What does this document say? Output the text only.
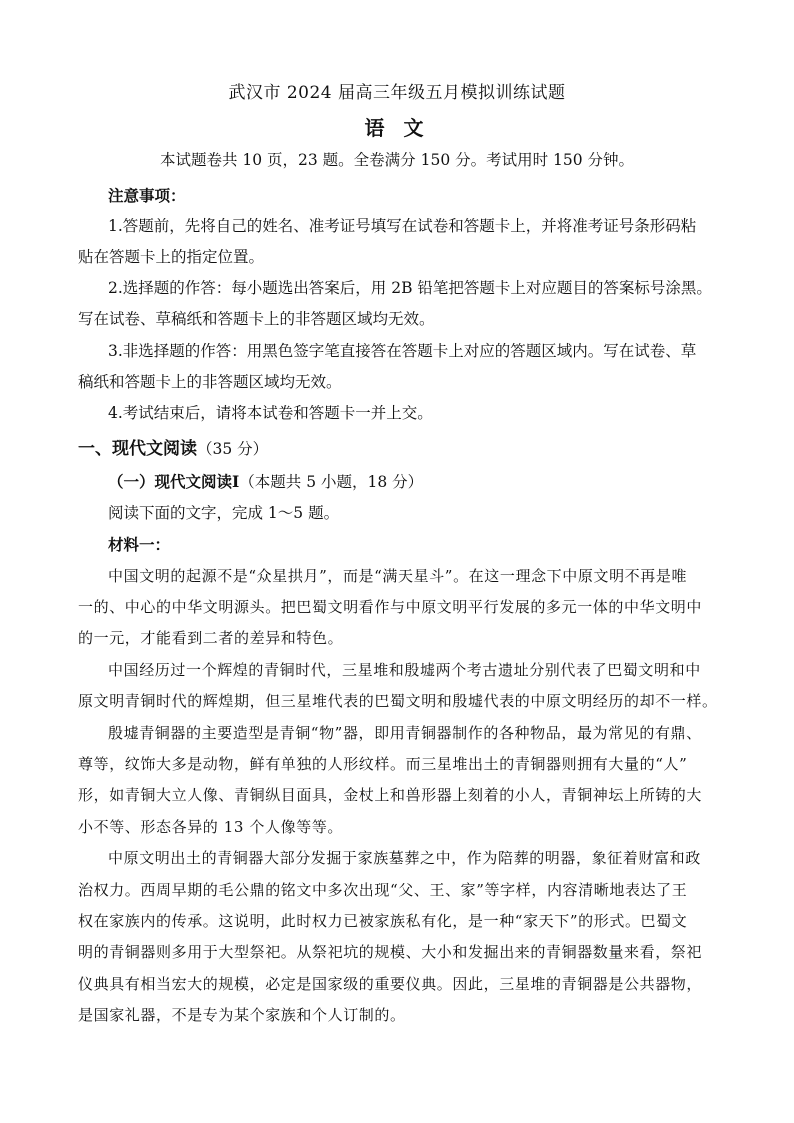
武汉市 2024 届高三年级五月模拟训练试题
语 文
本试题卷共 10 页，23 题。全卷满分 150 分。考试用时 150 分钟。
注意事项：
1.答题前，先将自己的姓名、准考证号填写在试卷和答题卡上，并将准考证号条形码粘
贴在答题卡上的指定位置。
2.选择题的作答：每小题选出答案后，用 2B 铅笔把答题卡上对应题目的答案标号涂黑。
写在试卷、草稿纸和答题卡上的非答题区域均无效。
3.非选择题的作答：用黑色签字笔直接答在答题卡上对应的答题区域内。写在试卷、草
稿纸和答题卡上的非答题区域均无效。
4.考试结束后，请将本试卷和答题卡一并上交。
一、现代文阅读（35 分）
（一）现代文阅读Ⅰ（本题共 5 小题，18 分）
阅读下面的文字，完成 1～5 题。
材料一：
中国文明的起源不是“众星拱月”，而是“满天星斗”。在这一理念下中原文明不再是唯
一的、中心的中华文明源头。把巴蜀文明看作与中原文明平行发展的多元一体的中华文明中
的一元，才能看到二者的差异和特色。
中国经历过一个辉煌的青铜时代，三星堆和殷墟两个考古遗址分别代表了巴蜀文明和中
原文明青铜时代的辉煌期，但三星堆代表的巴蜀文明和殷墟代表的中原文明经历的却不一样。
殷墟青铜器的主要造型是青铜“物”器，即用青铜器制作的各种物品，最为常见的有鼎、
尊等，纹饰大多是动物，鲜有单独的人形纹样。而三星堆出土的青铜器则拥有大量的“人”
形，如青铜大立人像、青铜纵目面具，金杖上和兽形器上刻着的小人，青铜神坛上所铸的大
小不等、形态各异的 13 个人像等等。
中原文明出土的青铜器大部分发掘于家族墓葬之中，作为陪葬的明器，象征着财富和政
治权力。西周早期的毛公鼎的铭文中多次出现“父、王、家”等字样，内容清晰地表达了王
权在家族内的传承。这说明，此时权力已被家族私有化，是一种“家天下”的形式。巴蜀文
明的青铜器则多用于大型祭祀。从祭祀坑的规模、大小和发掘出来的青铜器数量来看，祭祀
仪典具有相当宏大的规模，必定是国家级的重要仪典。因此，三星堆的青铜器是公共器物，
是国家礼器，不是专为某个家族和个人订制的。
